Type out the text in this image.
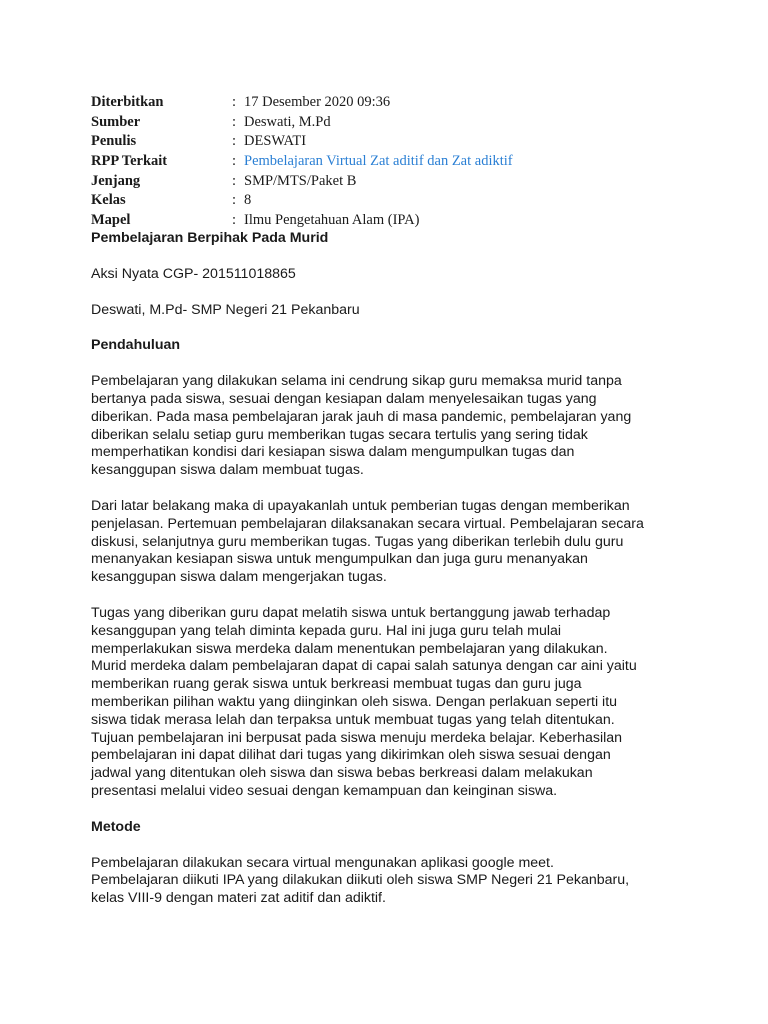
Diterbitkan	: 17 Desember 2020 09:36
Sumber	: Deswati, M.Pd
Penulis	: DESWATI
RPP Terkait	: Pembelajaran Virtual Zat aditif dan Zat adiktif
Jenjang	: SMP/MTS/Paket B
Kelas	: 8
Mapel	: Ilmu Pengetahuan Alam (IPA)

Pembelajaran Berpihak Pada Murid

Aksi Nyata CGP- 201511018865

Deswati, M.Pd- SMP Negeri 21 Pekanbaru

Pendahuluan

Pembelajaran yang dilakukan selama ini cendrung sikap guru memaksa murid tanpa

bertanya pada siswa, sesuai dengan kesiapan dalam menyelesaikan tugas yang

diberikan. Pada masa pembelajaran jarak jauh di masa pandemic, pembelajaran yang

diberikan selalu setiap guru memberikan tugas secara tertulis yang sering tidak

memperhatikan kondisi dari kesiapan siswa dalam mengumpulkan tugas dan

kesanggupan siswa dalam membuat tugas.

Dari latar belakang maka di upayakanlah untuk pemberian tugas dengan memberikan

penjelasan. Pertemuan pembelajaran dilaksanakan secara virtual. Pembelajaran secara

diskusi, selanjutnya guru memberikan tugas. Tugas yang diberikan terlebih dulu guru

menanyakan kesiapan siswa untuk mengumpulkan dan juga guru menanyakan

kesanggupan siswa dalam mengerjakan tugas.

Tugas yang diberikan guru dapat melatih siswa untuk bertanggung jawab terhadap

kesanggupan yang telah diminta kepada guru. Hal ini juga guru telah mulai

memperlakukan siswa merdeka dalam menentukan pembelajaran yang dilakukan.

Murid merdeka dalam pembelajaran dapat di capai salah satunya dengan car aini yaitu

memberikan ruang gerak siswa untuk berkreasi membuat tugas dan guru juga

memberikan pilihan waktu yang diinginkan oleh siswa. Dengan perlakuan seperti itu

siswa tidak merasa lelah dan terpaksa untuk membuat tugas yang telah ditentukan.

Tujuan pembelajaran ini berpusat pada siswa menuju merdeka belajar. Keberhasilan

pembelajaran ini dapat dilihat dari tugas yang dikirimkan oleh siswa sesuai dengan

jadwal yang ditentukan oleh siswa dan siswa bebas berkreasi dalam melakukan

presentasi melalui video sesuai dengan kemampuan dan keinginan siswa.

Metode

Pembelajaran dilakukan secara virtual mengunakan aplikasi google meet.

Pembelajaran diikuti IPA yang dilakukan diikuti oleh siswa SMP Negeri 21 Pekanbaru,

kelas VIII-9 dengan materi zat aditif dan adiktif.
